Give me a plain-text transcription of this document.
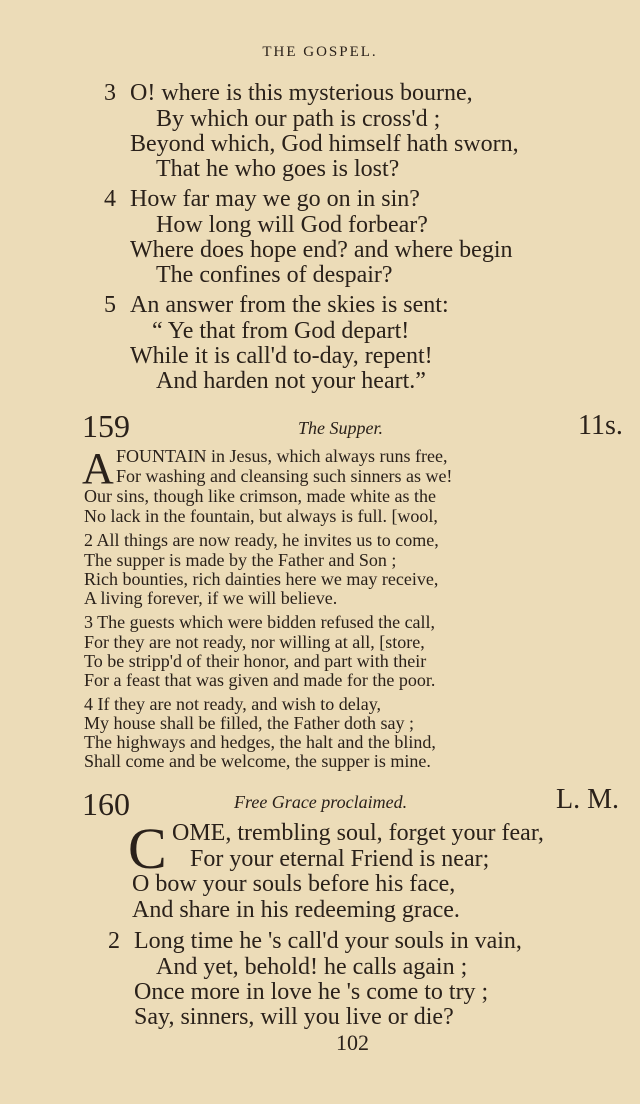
THE GOSPEL.
3 O! where is this mysterious bourne,
By which our path is cross'd ;
Beyond which, God himself hath sworn,
That he who goes is lost?
4 How far may we go on in sin?
How long will God forbear?
Where does hope end? and where begin
The confines of despair?
5 An answer from the skies is sent:
“ Ye that from God depart!
While it is call'd to-day, repent!
And harden not your heart.”
159	The Supper.	11s.
A FOUNTAIN in Jesus, which always runs free,
For washing and cleansing such sinners as we!
Our sins, though like crimson, made white as the
No lack in the fountain, but always is full. [wool,
2 All things are now ready, he invites us to come,
The supper is made by the Father and Son ;
Rich bounties, rich dainties here we may receive,
A living forever, if we will believe.
3 The guests which were bidden refused the call,
For they are not ready, nor willing at all, [store,
To be stripp'd of their honor, and part with their
For a feast that was given and made for the poor.
4 If they are not ready, and wish to delay,
My house shall be filled, the Father doth say ;
The highways and hedges, the halt and the blind,
Shall come and be welcome, the supper is mine.
160	Free Grace proclaimed.	L. M.
C OME, trembling soul, forget your fear,
For your eternal Friend is near;
O bow your souls before his face,
And share in his redeeming grace.
2 Long time he 's call'd your souls in vain,
And yet, behold! he calls again ;
Once more in love he 's come to try ;
Say, sinners, will you live or die?
102
